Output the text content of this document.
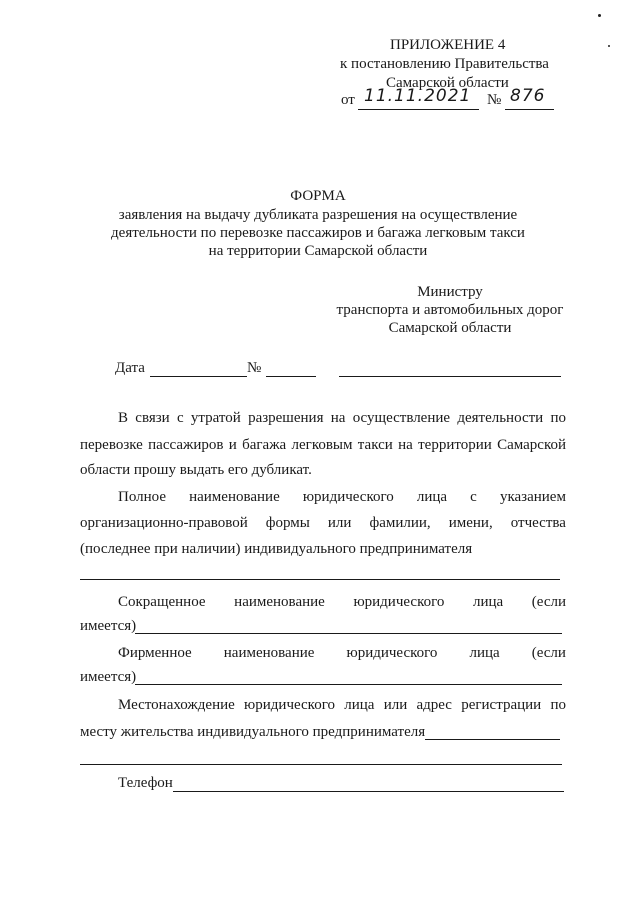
ПРИЛОЖЕНИЕ 4
к постановлению Правительства
Самарской области
от 11.11.2021 № 876
ФОРМА
заявления на выдачу дубликата разрешения на осуществление
деятельности по перевозке пассажиров и багажа легковым такси
на территории Самарской области
Министру
транспорта и автомобильных дорог
Самарской области
Дата	№
В связи с утратой разрешения на осуществление деятельности по
перевозке пассажиров и багажа легковым такси на территории Самарской
области прошу выдать его дубликат.
Полное наименование юридического лица с указанием
организационно-правовой формы или фамилии, имени, отчества
(последнее при наличии) индивидуального предпринимателя
Сокращенное наименование юридического лица (если
имеется)
Фирменное наименование юридического лица (если
имеется)
Местонахождение юридического лица или адрес регистрации по
месту жительства индивидуального предпринимателя
Телефон
